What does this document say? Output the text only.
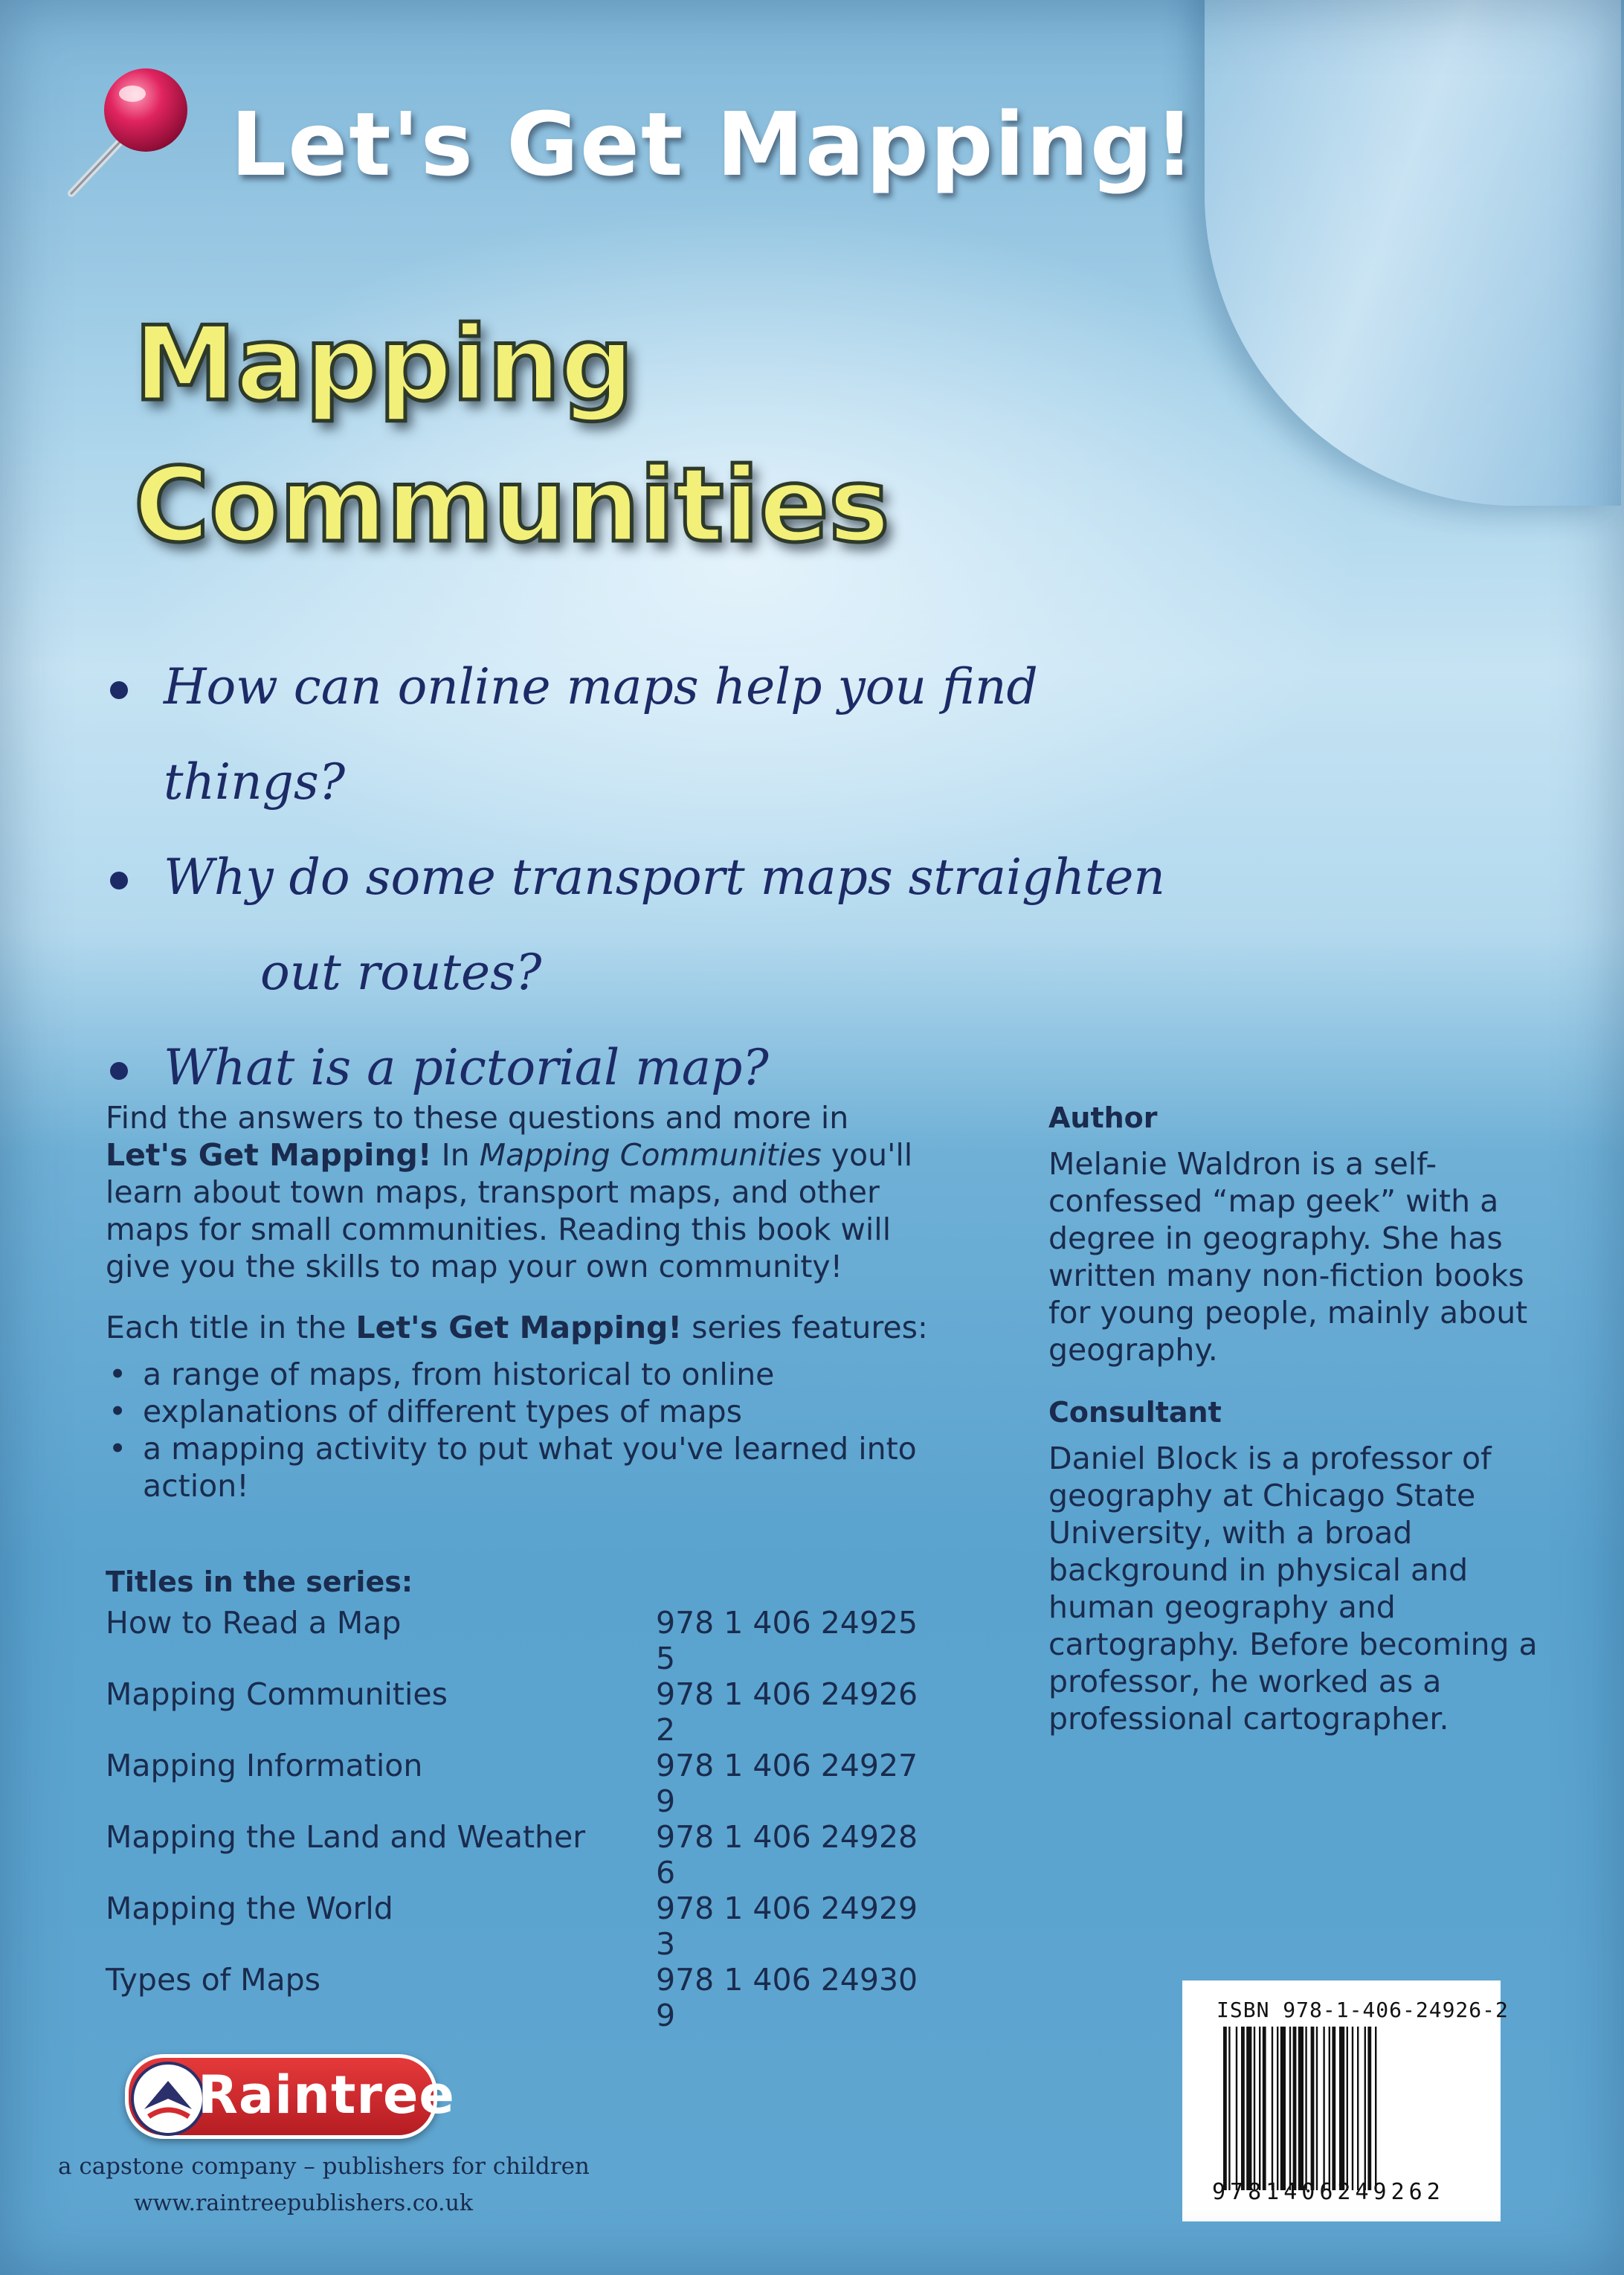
Let's Get Mapping!
Mapping
Communities
How can online maps help you find things?
Why do some transport maps straighten
out routes?
What is a pictorial map?
Find the answers to these questions and more in
Let's Get Mapping! In Mapping Communities you'll learn about town maps, transport maps, and other maps for small communities. Reading this book will give you the skills to map your own community!
Each title in the Let's Get Mapping! series features:
• a range of maps, from historical to online
• explanations of different types of maps
• a mapping activity to put what you've learned into action!
Titles in the series:
How to Read a Map	978 1 406 24925 5
Mapping Communities	978 1 406 24926 2
Mapping Information	978 1 406 24927 9
Mapping the Land and Weather	978 1 406 24928 6
Mapping the World	978 1 406 24929 3
Types of Maps	978 1 406 24930 9
Author
Melanie Waldron is a self-confessed “map geek” with a degree in geography. She has written many non-fiction books for young people, mainly about geography.
Consultant
Daniel Block is a professor of geography at Chicago State University, with a broad background in physical and human geography and cartography. Before becoming a professor, he worked as a professional cartographer.
ISBN 978-1-406-24926-2
9781406249262
Raintree
a capstone company – publishers for children
www.raintreepublishers.co.uk
